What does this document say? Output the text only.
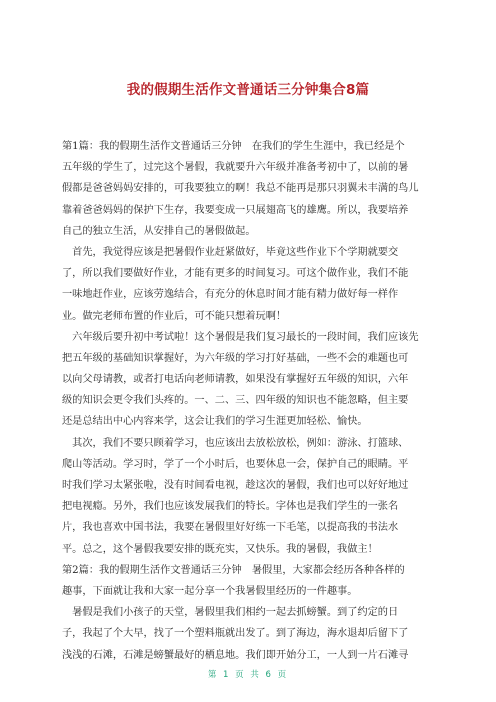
我的假期生活作文普通话三分钟集合8篇
第1篇：我的假期生活作文普通话三分钟　在我们的学生生涯中，我已经是个
五年级的学生了，过完这个暑假，我就要升六年级并准备考初中了，以前的暑
假都是爸爸妈妈安排的，可我要独立的啊！我总不能再是那只羽翼未丰满的鸟儿
靠着爸爸妈妈的保护下生存，我要变成一只展翅高飞的雄鹰。所以，我要培养
自己的独立生活，从安排自己的暑假做起。
　首先，我觉得应该是把暑假作业赶紧做好，毕竟这些作业下个学期就要交
了，所以我们要做好作业，才能有更多的时间复习。可这个做作业，我们不能
一味地赶作业，应该劳逸结合，有充分的休息时间才能有精力做好每一样作
业。做完老师布置的作业后，可不能只想着玩啊！
　六年级后要升初中考试啦！这个暑假是我们复习最长的一段时间，我们应该先
把五年级的基础知识掌握好，为六年级的学习打好基础，一些不会的难题也可
以向父母请教，或者打电话向老师请教，如果没有掌握好五年级的知识，六年
级的知识会更令我们头疼的。一、二、三、四年级的知识也不能忽略，但主要
还是总结出中心内容来学，这会让我们的学习生涯更加轻松、愉快。
　其次，我们不要只顾着学习，也应该出去放松放松，例如：游泳、打篮球、
爬山等活动。学习时，学了一个小时后，也要休息一会，保护自己的眼睛。平
时我们学习太紧张啦，没有时间看电视，趁这次的暑假，我们也可以好好地过
把电视瘾。另外，我们也应该发展我们的特长。字体也是我们学生的一张名
片，我也喜欢中国书法，我要在暑假里好好练一下毛笔，以提高我的书法水
平。总之，这个暑假我要安排的既充实，又快乐。我的暑假，我做主！
第2篇：我的假期生活作文普通话三分钟　暑假里，大家都会经历各种各样的
趣事，下面就让我和大家一起分享一个我暑假里经历的一件趣事。
　暑假是我们小孩子的天堂，暑假里我们相约一起去抓螃蟹。到了约定的日
子，我起了个大早，找了一个塑料瓶就出发了。到了海边，海水退却后留下了
浅浅的石滩，石滩是螃蟹最好的栖息地。我们即开始分工，一人到一片石滩寻
第 1 页 共 6 页
